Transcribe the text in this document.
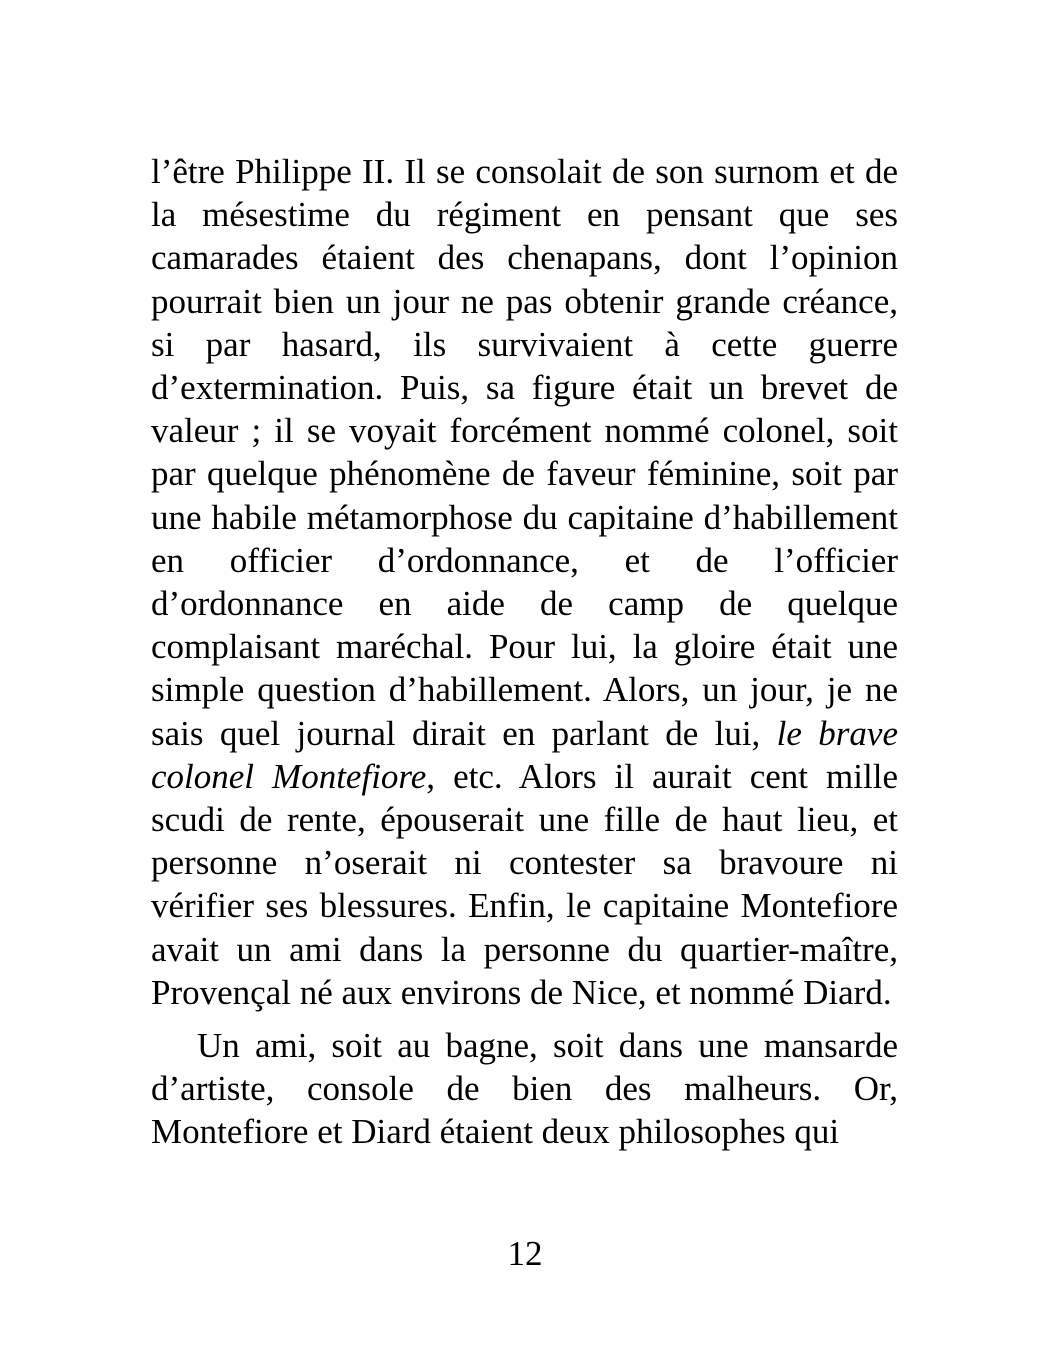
l’être Philippe II. Il se consolait de son surnom et de la mésestime du régiment en pensant que ses camarades étaient des chenapans, dont l’opinion pourrait bien un jour ne pas obtenir grande créance, si par hasard, ils survivaient à cette guerre d’extermination. Puis, sa figure était un brevet de valeur ; il se voyait forcément nommé colonel, soit par quelque phénomène de faveur féminine, soit par une habile métamorphose du capitaine d’habillement en officier d’ordonnance, et de l’officier d’ordonnance en aide de camp de quelque complaisant maréchal. Pour lui, la gloire était une simple question d’habillement. Alors, un jour, je ne sais quel journal dirait en parlant de lui, le brave colonel Montefiore, etc. Alors il aurait cent mille scudi de rente, épouserait une fille de haut lieu, et personne n’oserait ni contester sa bravoure ni vérifier ses blessures. Enfin, le capitaine Montefiore avait un ami dans la personne du quartier-maître, Provençal né aux environs de Nice, et nommé Diard.

Un ami, soit au bagne, soit dans une mansarde d’artiste, console de bien des malheurs. Or, Montefiore et Diard étaient deux philosophes qui

12
